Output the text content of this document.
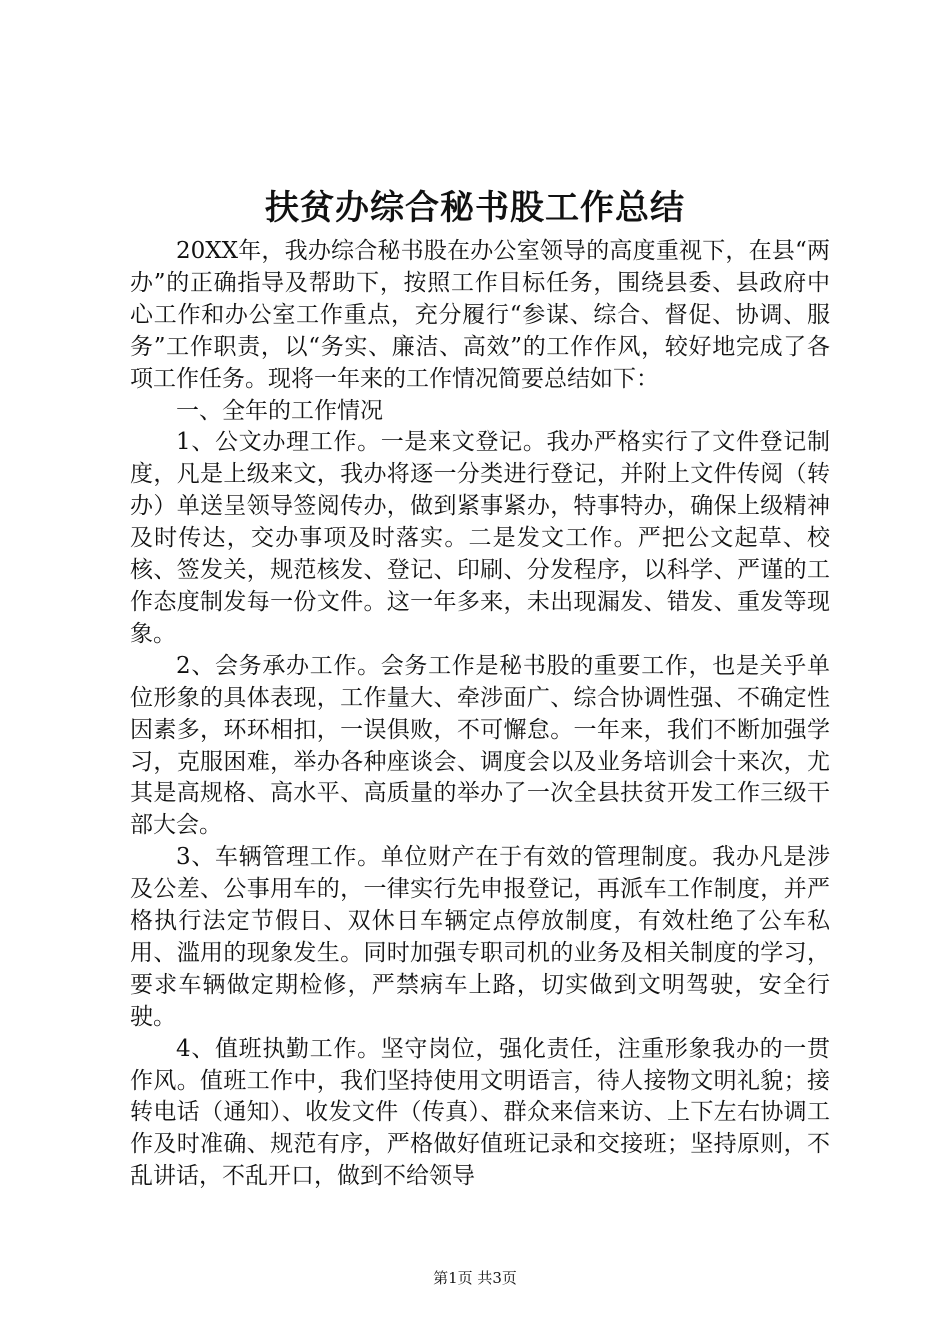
扶贫办综合秘书股工作总结

20XX年，我办综合秘书股在办公室领导的高度重视下，在县“两办”的正确指导及帮助下，按照工作目标任务，围绕县委、县政府中心工作和办公室工作重点，充分履行“参谋、综合、督促、协调、服务”工作职责，以“务实、廉洁、高效”的工作作风，较好地完成了各项工作任务。现将一年来的工作情况简要总结如下：

一、全年的工作情况

1、公文办理工作。一是来文登记。我办严格实行了文件登记制度，凡是上级来文，我办将逐一分类进行登记，并附上文件传阅（转办）单送呈领导签阅传办，做到紧事紧办，特事特办，确保上级精神及时传达，交办事项及时落实。二是发文工作。严把公文起草、校核、签发关，规范核发、登记、印刷、分发程序，以科学、严谨的工作态度制发每一份文件。这一年多来，未出现漏发、错发、重发等现象。

2、会务承办工作。会务工作是秘书股的重要工作，也是关乎单位形象的具体表现，工作量大、牵涉面广、综合协调性强、不确定性因素多，环环相扣，一误俱败，不可懈怠。一年来，我们不断加强学习，克服困难，举办各种座谈会、调度会以及业务培训会十来次，尤其是高规格、高水平、高质量的举办了一次全县扶贫开发工作三级干部大会。

3、车辆管理工作。单位财产在于有效的管理制度。我办凡是涉及公差、公事用车的，一律实行先申报登记，再派车工作制度，并严格执行法定节假日、双休日车辆定点停放制度，有效杜绝了公车私用、滥用的现象发生。同时加强专职司机的业务及相关制度的学习，要求车辆做定期检修，严禁病车上路，切实做到文明驾驶，安全行驶。

4、值班执勤工作。坚守岗位，强化责任，注重形象我办的一贯作风。值班工作中，我们坚持使用文明语言，待人接物文明礼貌；接转电话（通知）、收发文件（传真）、群众来信来访、上下左右协调工作及时准确、规范有序，严格做好值班记录和交接班；坚持原则，不乱讲话，不乱开口，做到不给领导

第1页 共3页
